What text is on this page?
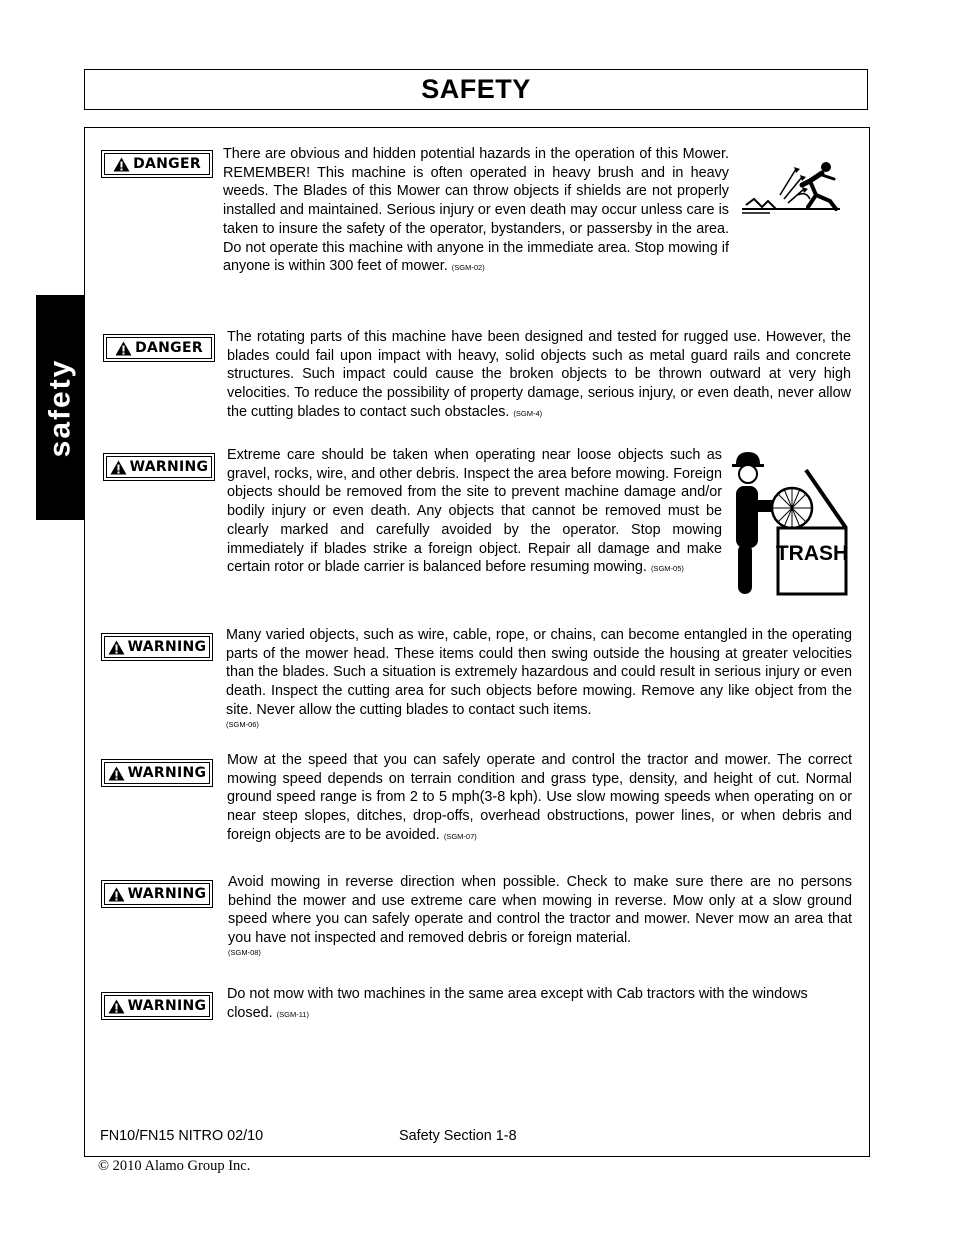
SAFETY
safety
DANGER
There are obvious and hidden potential hazards in the operation of this Mower. REMEMBER! This machine is often operated in heavy brush and in heavy weeds. The Blades of this Mower can throw objects if shields are not properly installed and maintained. Serious injury or even death may occur unless care is taken to insure the safety of the operator, bystanders, or passersby in the area. Do not operate this machine with anyone in the immediate area. Stop mowing if anyone is within 300 feet of mower. (SGM-02)
DANGER
The rotating parts of this machine have been designed and tested for rugged use. However, the blades could fail upon impact with heavy, solid objects such as metal guard rails and concrete structures. Such impact could cause the broken objects to be thrown outward at very high velocities. To reduce the possibility of property damage, serious injury, or even death, never allow the cutting blades to contact such obstacles. (SGM-4)
WARNING
Extreme care should be taken when operating near loose objects such as gravel, rocks, wire, and other debris. Inspect the area before mowing. Foreign objects should be removed from the site to prevent machine damage and/or bodily injury or even death. Any objects that cannot be removed must be clearly marked and carefully avoided by the operator. Stop mowing immediately if blades strike a foreign object. Repair all damage and make certain rotor or blade carrier is balanced before resuming mowing. (SGM-05)
TRASH
WARNING
Many varied objects, such as wire, cable, rope, or chains, can become entangled in the operating parts of the mower head. These items could then swing outside the housing at greater velocities than the blades. Such a situation is extremely hazardous and could result in serious injury or even death. Inspect the cutting area for such objects before mowing. Remove any like object from the site. Never allow the cutting blades to contact such items.
(SGM-06)
WARNING
Mow at the speed that you can safely operate and control the tractor and mower. The correct mowing speed depends on terrain condition and grass type, density, and height of cut. Normal ground speed range is from 2 to 5 mph(3-8 kph). Use slow mowing speeds when operating on or near steep slopes, ditches, drop-offs, overhead obstructions, power lines, or when debris and foreign objects are to be avoided. (SGM-07)
WARNING
Avoid mowing in reverse direction when possible. Check to make sure there are no persons behind the mower and use extreme care when mowing in reverse. Mow only at a slow ground speed where you can safely operate and control the tractor and mower. Never mow an area that you have not inspected and removed debris or foreign material.
(SGM-08)
WARNING
Do not mow with two machines in the same area except with Cab tractors with the windows closed. (SGM-11)
FN10/FN15 NITRO 02/10	Safety Section 1-8
© 2010 Alamo Group Inc.
